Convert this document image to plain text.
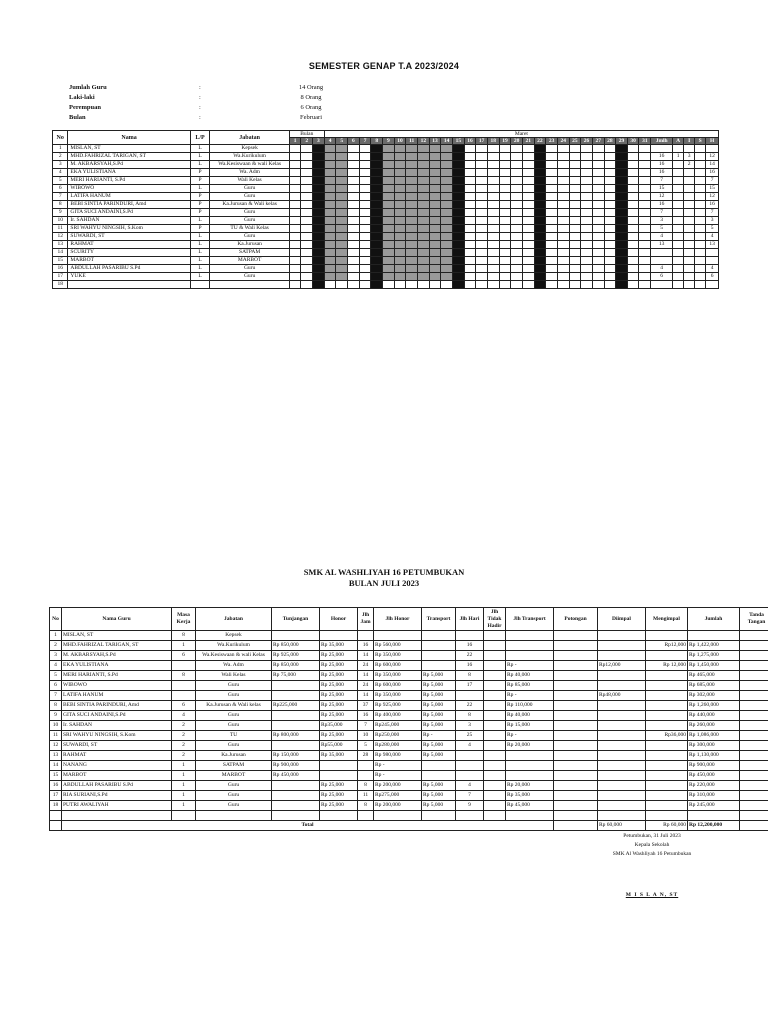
SEMESTER GENAP T.A 2023/2024
Jumlah Guru	:	14 Orang
Laki-laki	:	8 Orang
Perempuan	:	6 Orang
Bulan	:	Februari
No	Nama	L/P	Jabatan	Bulan			Maret																																
				1	2	3	4	5	6	7	8	9	10	11	12	13	14	15	16	17	18	19	20	21	22	23	24	25	26	27	28	29	30	31	Jmlh	A	I	S	H
1	MISLAN, ST	L	Kepsek																																				
2	MHD.FAHRIZAL TARIGAN, ST	L	Wa.Kurikulum																																16	1	3		12
3	M. AKBARSYAH,S.Pd	L	Wa.Kesiswaan & wali Kelas																																16		2		14
4	EKA YULISTIANA	P	Wa. Adm																																16				16
5	MERI HARIANTI, S.Pd	P	Wali Kelas																																7				7
6	WIBOWO	L	Guru																																15				15
7	LATIFA HANUM	P	Guru																																12				12
8	BEBI SINTIA PARINDURI, Amd	P	Ka.Jurusan & Wali kelas																																16				16
9	GITA SUCI ANDAINI,S.Pd	P	Guru																																7				7
10	Ir. SAHDAN	L	Guru																																3				3
11	SRI WAHYU NINGSIH, S.Kom	P	TU & Wali Kelas																																5				5
12	SUWARDI, ST	L	Guru																																4				4
13	RAHMAT	L	Ka.Jurusan																																13				13
14	SCURITY	L	SATPAM																																				
15	MARBOT	L	MARBOT																																				
16	ABDULLAH PASARIBU S.Pd	L	Guru																																4				4
17	YUKE	L	Guru																																6				6
18																																							
SMK AL WASHLIYAH 16 PETUMBUKAN
BULAN JULI 2023
No	Nama Guru	Masa Kerja	Jabatan	Tunjangan	Honor	Jlh Jam	Jlh Honor	Transport	Jlh Hari	Jlh Tidak Hadir	Jlh Transport	Potongan	Diimpal	Mengimpal	Jumlah	Tanda Tangan
1	MISLAN, ST	8	Kepsek													
2	MHD.FAHRIZAL TARIGAN, ST	1	Wa.Kurikulum	Rp 850,000	Rp 35,000	16	Rp 560,000		16					Rp12,000	Rp 1,422,000	
3	M. AKBARSYAH,S.Pd	6	Wa.Kesiswaan & wali Kelas	Rp 925,000	Rp 25,000	14	Rp 350,000		22						Rp 1,275,000	
4	EKA YULISTIANA		Wa. Adm	Rp 850,000	Rp 25,000	24	Rp 600,000		16		Rp -		Rp12,000	Rp 12,000	Rp 1,450,000	
5	MERI HARIANTI, S.Pd	8	Wali Kelas	Rp 75,000	Rp 25,000	14	Rp 350,000	Rp 5,000	8		Rp 40,000				Rp 465,000	
6	WIBOWO		Guru		Rp 25,000	24	Rp 600,000	Rp 5,000	17		Rp 85,000				Rp 685,000	
7	LATIFA HANUM		Guru		Rp 25,000	14	Rp 350,000	Rp 5,000			Rp -		Rp48,000		Rp 302,000	
8	BEBI SINTIA PARINDURI, Amd	6	Ka.Jurusan & Wali kelas	Rp225,000	Rp 25,000	37	Rp 925,000	Rp 5,000	22		Rp 110,000				Rp 1,260,000	
9	GITA SUCI ANDAINI,S.Pd	4	Guru		Rp 25,000	16	Rp 400,000	Rp 5,000	8		Rp 40,000				Rp 440,000	
10	Ir. SAHDAN	2	Guru		Rp35,000	7	Rp245,000	Rp 5,000	3		Rp 15,000				Rp 260,000	
11	SRI WAHYU NINGSIH, S.Kom	2	TU	Rp 800,000	Rp 25,000	10	Rp250,000	Rp -	25		Rp -			Rp36,000	Rp 1,086,000	
12	SUWARDI, ST	2	Guru		Rp55,000	5	Rp280,000	Rp 5,000	4		Rp 20,000				Rp 300,000	
13	RAHMAT	2	Ka.Jurusan	Rp 150,000	Rp 35,000	28	Rp 980,000	Rp 5,000							Rp 1,130,000	
14	NANANG	1	SATPAM	Rp 900,000			Rp -								Rp 900,000	
15	MARBOT	1	MARBOT	Rp 450,000			Rp -								Rp 450,000	
16	ABDULLAH PASARIBU S.Pd	1	Guru		Rp 25,000	8	Rp 200,000	Rp 5,000	4		Rp 20,000				Rp 220,000	
17	RIA SURIANI,S.Pd	1	Guru		Rp 25,000	11	Rp275,000	Rp 5,000	7		Rp 35,000				Rp 310,000	
18	PUTRI AWALIYAH	1	Guru		Rp 25,000	8	Rp 200,000	Rp 5,000	9		Rp 45,000				Rp 245,000	

	Total												Rp 60,000	Rp 60,000	Rp 12,200,000	
Petumbukan, 31 Juli 2023
Kepala Sekolah
SMK Al Washliyah 16 Petumbukan
M I S L A N, ST
